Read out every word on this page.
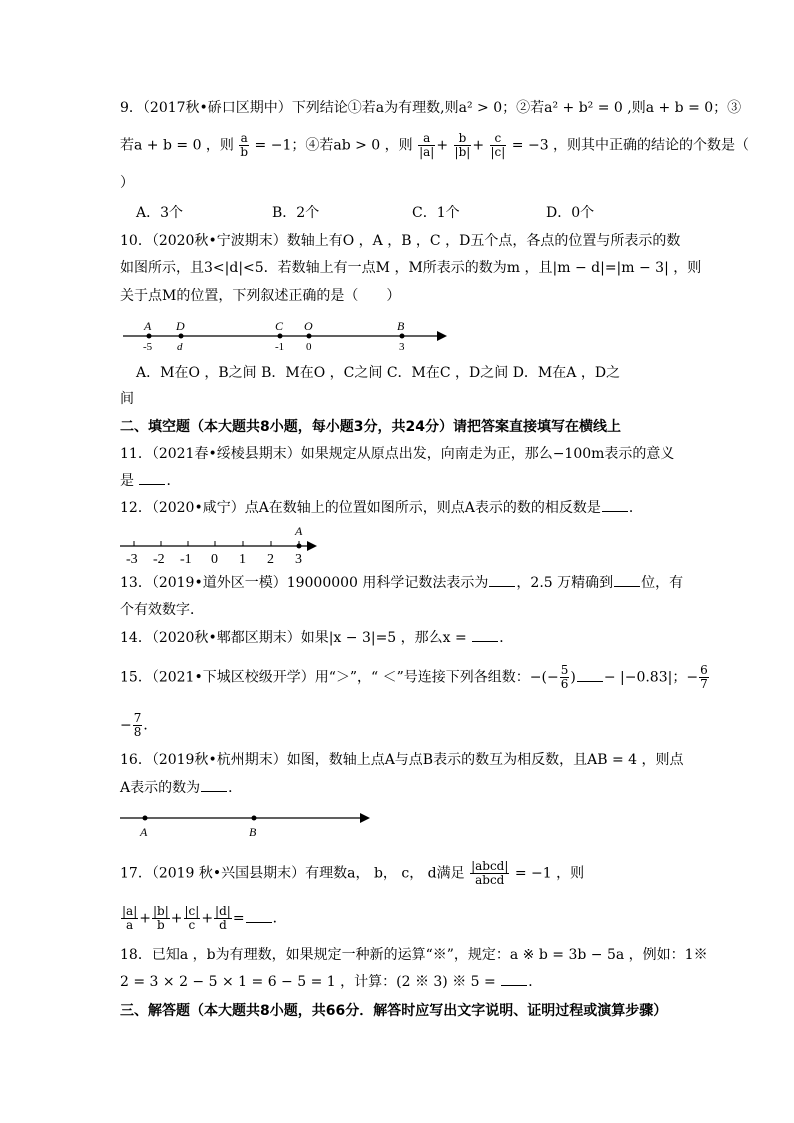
9．（2017秋•硚口区期中）下列结论①若a为有理数,则a² > 0；②若a² + b² = 0 ,则a + b = 0；③
若a + b = 0 ，则 $\frac{a}{b} = -1$；④若ab > 0 ，则 $\frac{a}{|a|} + \frac{b}{|b|} + \frac{c}{|c|} = -3$ ，则其中正确的结论的个数是（
）
A．3个	B．2个	C．1个	D．0个
10．（2020秋•宁波期末）数轴上有O ，A ，B ，C ，D五个点，各点的位置与所表示的数
如图所示，且3<|d|<5．若数轴上有一点M ，M所表示的数为m ，且|m − d|=|m − 3| ，则
关于点M的位置，下列叙述正确的是（　　）
A D	C O	B
-5 d	-1 0	3
A．M在O ，B之间 B．M在O ，C之间 C．M在C ，D之间 D．M在A ，D之
间
二、填空题（本大题共8小题，每小题3分，共24分）请把答案直接填写在横线上
11．（2021春•绥棱县期末）如果规定从原点出发，向南走为正，那么−100m表示的意义
是 ．
12．（2020•咸宁）点A在数轴上的位置如图所示，则点A表示的数的相反数是 ．
A
-3 -2 -1 0 1 2 3
13．（2019•道外区一模）19000000 用科学记数法表示为 ，2.5 万精确到 位，有
个有效数字．
14．（2020秋•郫都区期末）如果|x − 3|=5 ，那么x = ．
15．（2021•下城区校级开学）用“＞”，“ ＜”号连接下列各组数：−(− $\frac{5}{6}$ ) − |−0.83|；− $\frac{6}{7}$
− $\frac{7}{8}$ ．
16．（2019秋•杭州期末）如图，数轴上点A与点B表示的数互为相反数，且AB = 4 ，则点
A表示的数为 ．
A	B
17．（2019 秋•兴国县期末）有理数a， b， c， d满足 $\frac{\text{|abcd|}}{\text{abcd}} = -1$ ，则
$\frac{|a|}{a} + \frac{|b|}{b} + \frac{|c|}{c} + \frac{|d|}{d}$ = ．
18．已知a ，b为有理数，如果规定一种新的运算“※”，规定：a ※ b = 3b − 5a ，例如：1※
2 = 3 × 2 − 5 × 1 = 6 − 5 = 1 ，计算：(2 ※ 3) ※ 5 = ．
三、解答题（本大题共8小题，共66分．解答时应写出文字说明、证明过程或演算步骤）
